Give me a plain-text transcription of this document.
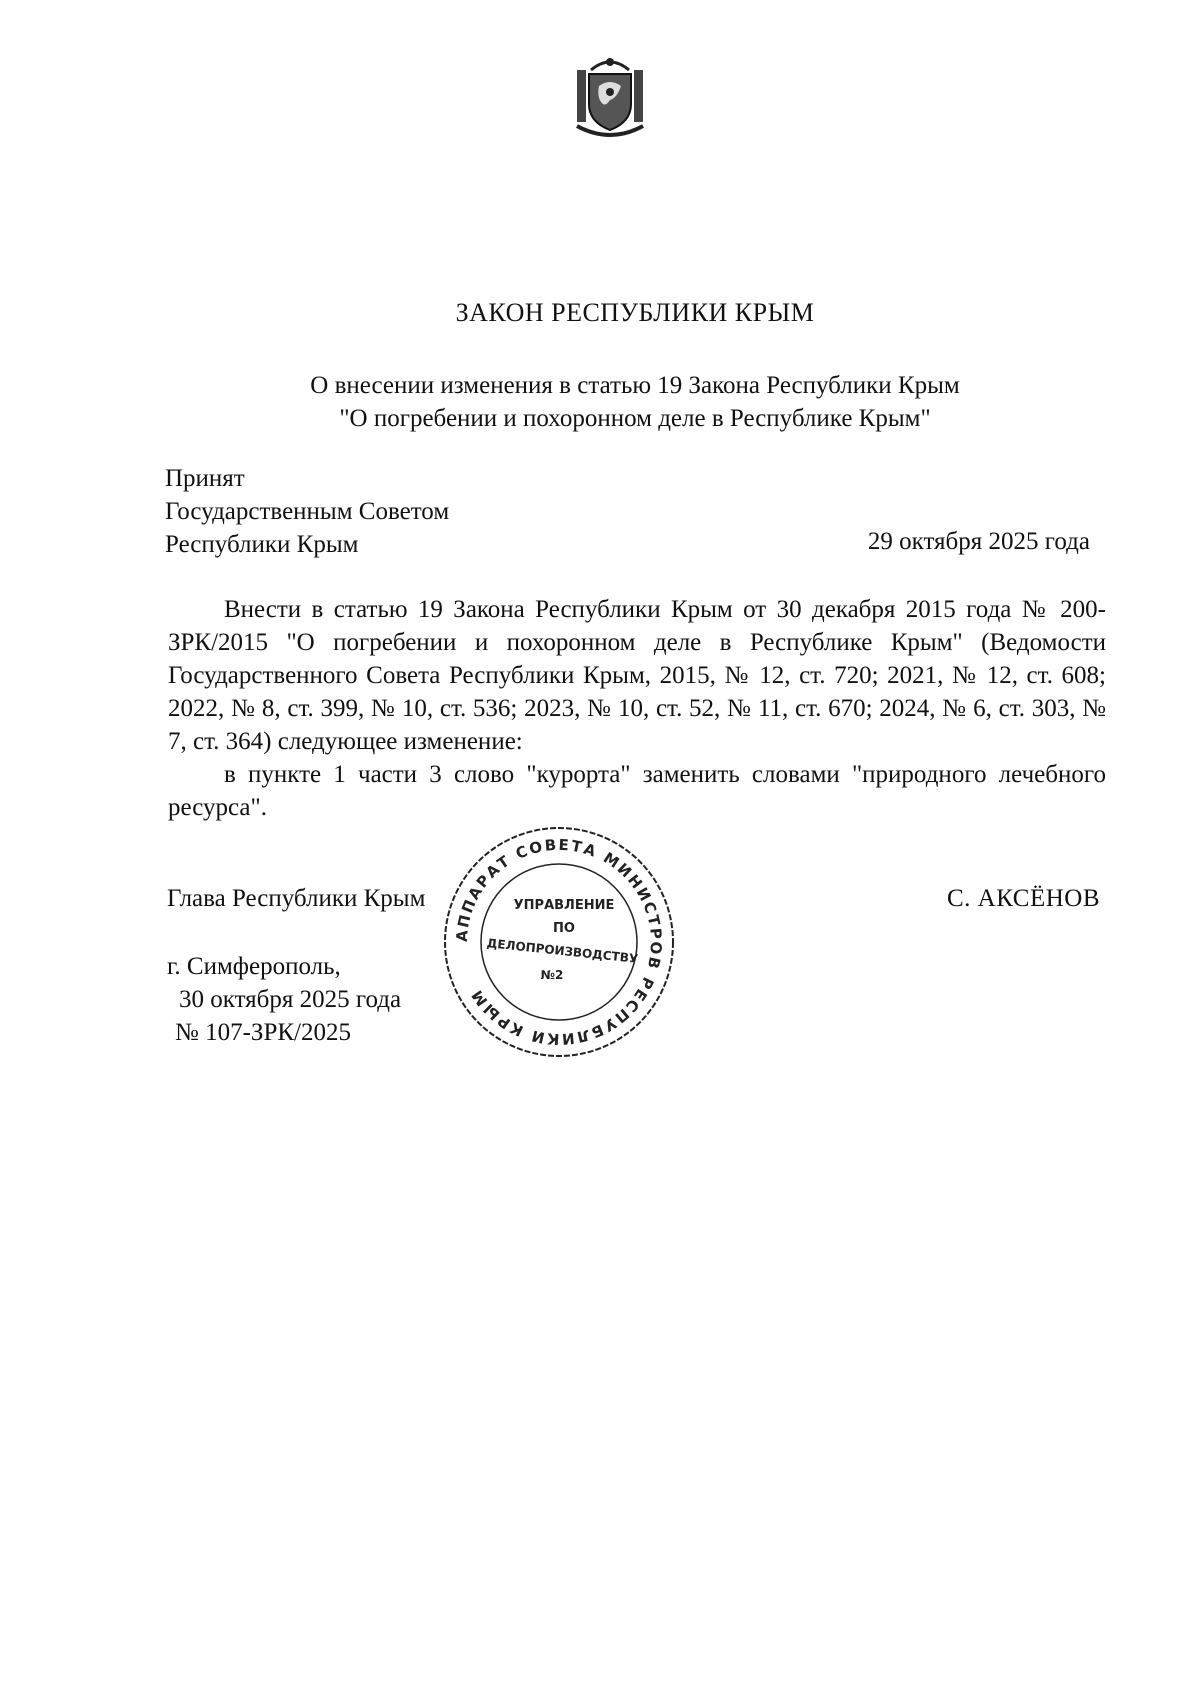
ЗАКОН РЕСПУБЛИКИ КРЫМ
О внесении изменения в статью 19 Закона Республики Крым
"О погребении и похоронном деле в Республике Крым"
Принят
Государственным Советом
Республики Крым	29 октября 2025 года

Внести в статью 19 Закона Республики Крым от 30 декабря 2015 года № 200-ЗРК/2015 "О погребении и похоронном деле в Республике Крым" (Ведомости Государственного Совета Республики Крым, 2015, № 12, ст. 720; 2021, № 12, ст. 608; 2022, № 8, ст. 399, № 10, ст. 536; 2023, № 10, ст. 52, № 11, ст. 670; 2024, № 6, ст. 303, № 7, ст. 364) следующее изменение:

в пункте 1 части 3 слово "курорта" заменить словами "природного лечебного ресурса".

Глава Республики Крым	С. АКСЁНОВ
г. Симферополь,
30 октября 2025 года
№ 107-ЗРК/2025
АППАРАТ СОВЕТА МИНИСТРОВ РЕСПУБЛИКИ КРЫМ
УПРАВЛЕНИЕ
ПО
ДЕЛОПРОИЗВОДСТВУ
№2
